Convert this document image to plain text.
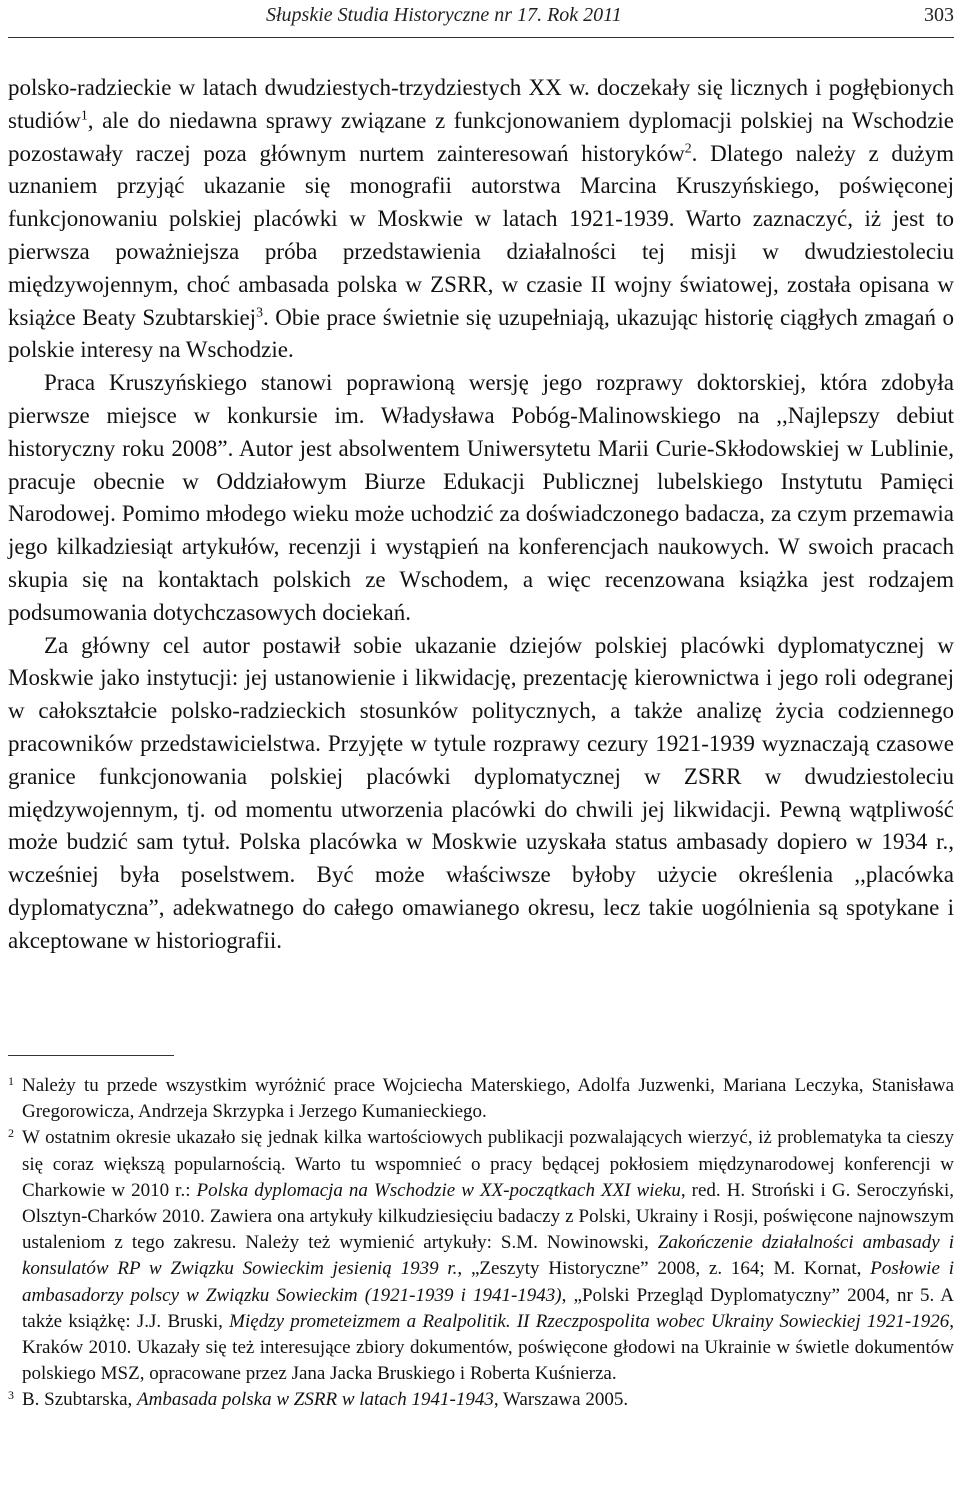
Słupskie Studia Historyczne nr 17. Rok 2011	303

polsko-radzieckie w latach dwudziestych-trzydziestych XX w. doczekały się licznych i pogłębionych studiów$^1$, ale do niedawna sprawy związane z funkcjonowaniem dyplomacji polskiej na Wschodzie pozostawały raczej poza głównym nurtem zainteresowań historyków$^2$. Dlatego należy z dużym uznaniem przyjąć ukazanie się monografii autorstwa Marcina Kruszyńskiego, poświęconej funkcjonowaniu polskiej placówki w Moskwie w latach 1921-1939. Warto zaznaczyć, iż jest to pierwsza poważniejsza próba przedstawienia działalności tej misji w dwudziestoleciu międzywojennym, choć ambasada polska w ZSRR, w czasie II wojny światowej, została opisana w książce Beaty Szubtarskiej$^3$. Obie prace świetnie się uzupełniają, ukazując historię ciągłych zmagań o polskie interesy na Wschodzie.

Praca Kruszyńskiego stanowi poprawioną wersję jego rozprawy doktorskiej, która zdobyła pierwsze miejsce w konkursie im. Władysława Pobóg-Malinowskiego na ,,Najlepszy debiut historyczny roku 2008”. Autor jest absolwentem Uniwersytetu Marii Curie-Skłodowskiej w Lublinie, pracuje obecnie w Oddziałowym Biurze Edukacji Publicznej lubelskiego Instytutu Pamięci Narodowej. Pomimo młodego wieku może uchodzić za doświadczonego badacza, za czym przemawia jego kilkadziesiąt artykułów, recenzji i wystąpień na konferencjach naukowych. W swoich pracach skupia się na kontaktach polskich ze Wschodem, a więc recenzowana książka jest rodzajem podsumowania dotychczasowych dociekań.

Za główny cel autor postawił sobie ukazanie dziejów polskiej placówki dyplomatycznej w Moskwie jako instytucji: jej ustanowienie i likwidację, prezentację kierownictwa i jego roli odegranej w całokształcie polsko-radzieckich stosunków politycznych, a także analizę życia codziennego pracowników przedstawicielstwa. Przyjęte w tytule rozprawy cezury 1921-1939 wyznaczają czasowe granice funkcjonowania polskiej placówki dyplomatycznej w ZSRR w dwudziestoleciu międzywojennym, tj. od momentu utworzenia placówki do chwili jej likwidacji. Pewną wątpliwość może budzić sam tytuł. Polska placówka w Moskwie uzyskała status ambasady dopiero w 1934 r., wcześniej była poselstwem. Być może właściwsze byłoby użycie określenia ,,placówka dyplomatyczna”, adekwatnego do całego omawianego okresu, lecz takie uogólnienia są spotykane i akceptowane w historiografii.

1 Należy tu przede wszystkim wyróżnić prace Wojciecha Materskiego, Adolfa Juzwenki, Mariana Leczyka, Stanisława Gregorowicza, Andrzeja Skrzypka i Jerzego Kumanieckiego.
2 W ostatnim okresie ukazało się jednak kilka wartościowych publikacji pozwalających wierzyć, iż problematyka ta cieszy się coraz większą popularnością. Warto tu wspomnieć o pracy będącej pokłosiem międzynarodowej konferencji w Charkowie w 2010 r.: Polska dyplomacja na Wschodzie w XX-początkach XXI wieku, red. H. Stroński i G. Seroczyński, Olsztyn-Charków 2010. Zawiera ona artykuły kilkudziesięciu badaczy z Polski, Ukrainy i Rosji, poświęcone najnowszym ustaleniom z tego zakresu. Należy też wymienić artykuły: S.M. Nowinowski, Zakończenie działalności ambasady i konsulatów RP w Związku Sowieckim jesienią 1939 r., „Zeszyty Historyczne” 2008, z. 164; M. Kornat, Posłowie i ambasadorzy polscy w Związku Sowieckim (1921-1939 i 1941-1943), „Polski Przegląd Dyplomatyczny” 2004, nr 5. A także książkę: J.J. Bruski, Między prometeizmem a Realpolitik. II Rzeczpospolita wobec Ukrainy Sowieckiej 1921-1926, Kraków 2010. Ukazały się też interesujące zbiory dokumentów, poświęcone głodowi na Ukrainie w świetle dokumentów polskiego MSZ, opracowane przez Jana Jacka Bruskiego i Roberta Kuśnierza.
3 B. Szubtarska, Ambasada polska w ZSRR w latach 1941-1943, Warszawa 2005.
